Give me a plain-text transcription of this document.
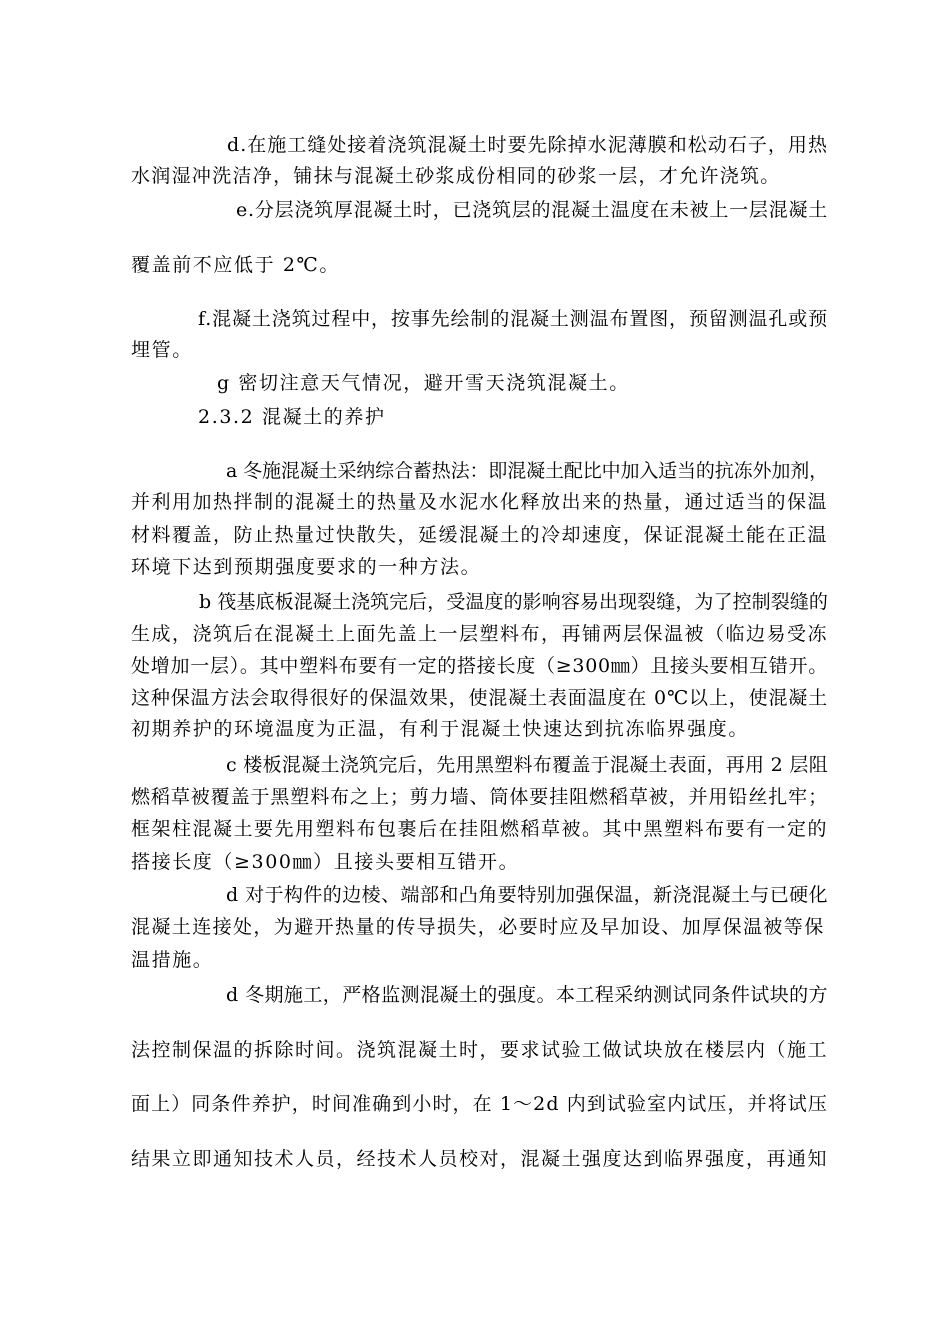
d.在施工缝处接着浇筑混凝土时要先除掉水泥薄膜和松动石子，用热

水润湿冲洗洁净，铺抹与混凝土砂浆成份相同的砂浆一层，才允许浇筑。

e.分层浇筑厚混凝土时，已浇筑层的混凝土温度在未被上一层混凝土

覆盖前不应低于 2℃。

f.混凝土浇筑过程中，按事先绘制的混凝土测温布置图，预留测温孔或预

埋管。

g 密切注意天气情况，避开雪天浇筑混凝土。

2.3.2 混凝土的养护

a 冬施混凝土采纳综合蓄热法：即混凝土配比中加入适当的抗冻外加剂，

并利用加热拌制的混凝土的热量及水泥水化释放出来的热量，通过适当的保温

材料覆盖，防止热量过快散失，延缓混凝土的冷却速度，保证混凝土能在正温

环境下达到预期强度要求的一种方法。

b 筏基底板混凝土浇筑完后，受温度的影响容易出现裂缝，为了控制裂缝的

生成，浇筑后在混凝土上面先盖上一层塑料布，再铺两层保温被（临边易受冻

处增加一层）。其中塑料布要有一定的搭接长度（≥300㎜）且接头要相互错开。

这种保温方法会取得很好的保温效果，使混凝土表面温度在 0℃以上，使混凝土

初期养护的环境温度为正温，有利于混凝土快速达到抗冻临界强度。

c 楼板混凝土浇筑完后，先用黑塑料布覆盖于混凝土表面，再用 2 层阻

燃稻草被覆盖于黑塑料布之上；剪力墙、筒体要挂阻燃稻草被，并用铅丝扎牢；

框架柱混凝土要先用塑料布包裹后在挂阻燃稻草被。其中黑塑料布要有一定的

搭接长度（≥300㎜）且接头要相互错开。

d 对于构件的边棱、端部和凸角要特别加强保温，新浇混凝土与已硬化

混凝土连接处，为避开热量的传导损失，必要时应及早加设、加厚保温被等保

温措施。

d 冬期施工，严格监测混凝土的强度。本工程采纳测试同条件试块的方

法控制保温的拆除时间。浇筑混凝土时，要求试验工做试块放在楼层内（施工

面上）同条件养护，时间准确到小时，在 1～2d 内到试验室内试压，并将试压

结果立即通知技术人员，经技术人员校对，混凝土强度达到临界强度，再通知
